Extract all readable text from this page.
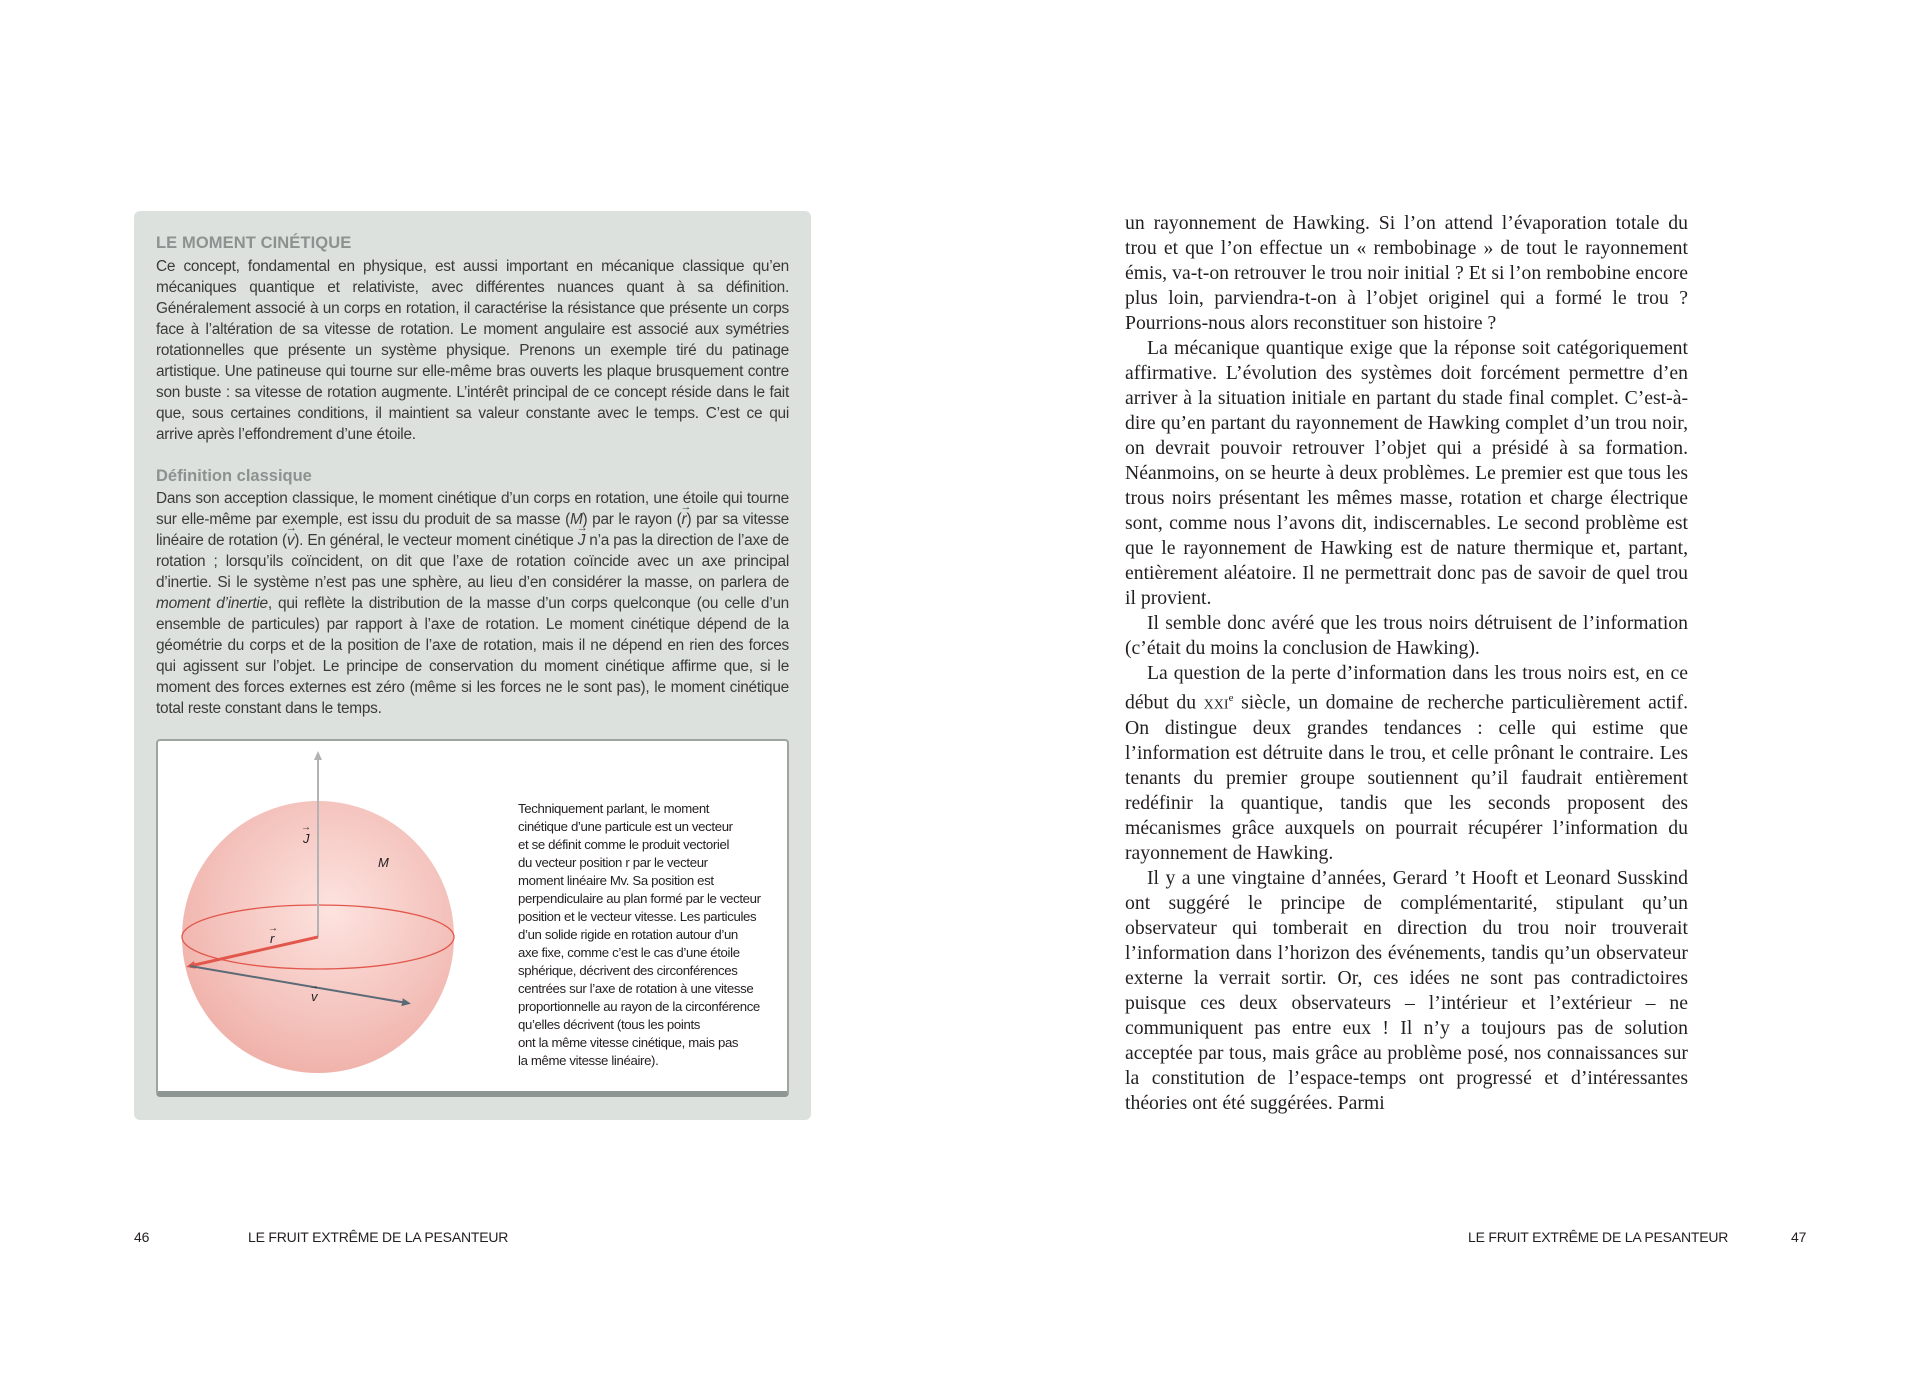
LE MOMENT CINÉTIQUE

Ce concept, fondamental en physique, est aussi important en mécanique classique qu’en mécaniques quantique et relativiste, avec différentes nuances quant à sa définition. Généralement associé à un corps en rotation, il caractérise la résistance que présente un corps face à l’altération de sa vitesse de rotation. Le moment angulaire est associé aux symétries rotationnelles que présente un système physique. Prenons un exemple tiré du patinage artistique. Une patineuse qui tourne sur elle-même bras ouverts les plaque brusquement contre son buste : sa vitesse de rotation augmente. L’intérêt principal de ce concept réside dans le fait que, sous certaines conditions, il maintient sa valeur constante avec le temps. C’est ce qui arrive après l’effondrement d’une étoile.

Définition classique

Dans son acception classique, le moment cinétique d’un corps en rotation, une étoile qui tourne sur elle-même par exemple, est issu du produit de sa masse (M) par le rayon (→ r) par sa vitesse linéaire de rotation (→ v). En général, le vecteur moment cinétique → J n’a pas la direction de l’axe de rotation ; lorsqu’ils coïncident, on dit que l’axe de rotation coïncide avec un axe principal d’inertie. Si le système n’est pas une sphère, au lieu d’en considérer la masse, on parlera de moment d’inertie, qui reflète la distribution de la masse d’un corps quelconque (ou celle d’un ensemble de particules) par rapport à l’axe de rotation. Le moment cinétique dépend de la géométrie du corps et de la position de l’axe de rotation, mais il ne dépend en rien des forces qui agissent sur l’objet. Le principe de conservation du moment cinétique affirme que, si le moment des forces externes est zéro (même si les forces ne le sont pas), le moment cinétique total reste constant dans le temps.

J
→
M
r
→
v
→

Techniquement parlant, le moment
cinétique d’une particule est un vecteur
et se définit comme le produit vectoriel
du vecteur position r par le vecteur
moment linéaire Mv. Sa position est
perpendiculaire au plan formé par le vecteur
position et le vecteur vitesse. Les particules
d’un solide rigide en rotation autour d’un
axe fixe, comme c’est le cas d’une étoile
sphérique, décrivent des circonférences
centrées sur l’axe de rotation à une vitesse
proportionnelle au rayon de la circonférence
qu’elles décrivent (tous les points
ont la même vitesse cinétique, mais pas
la même vitesse linéaire).

46	LE FRUIT EXTRÊME DE LA PESANTEUR

un rayonnement de Hawking. Si l’on attend l’évaporation totale du trou et que l’on effectue un « rembobinage » de tout le rayonnement émis, va-t-on retrouver le trou noir initial ? Et si l’on rembobine encore plus loin, parviendra-t-on à l’objet originel qui a formé le trou ? Pourrions-nous alors reconstituer son histoire ?

La mécanique quantique exige que la réponse soit catégoriquement affirmative. L’évolution des systèmes doit forcément permettre d’en arriver à la situation initiale en partant du stade final complet. C’est-à-dire qu’en partant du rayonnement de Hawking complet d’un trou noir, on devrait pouvoir retrouver l’objet qui a présidé à sa formation. Néanmoins, on se heurte à deux problèmes. Le premier est que tous les trous noirs présentant les mêmes masse, rotation et charge électrique sont, comme nous l’avons dit, indiscernables. Le second problème est que le rayonnement de Hawking est de nature thermique et, partant, entièrement aléatoire. Il ne permettrait donc pas de savoir de quel trou il provient.

Il semble donc avéré que les trous noirs détruisent de l’information (c’était du moins la conclusion de Hawking).

La question de la perte d’information dans les trous noirs est, en ce début du xxi$^e$ siècle, un domaine de recherche particulièrement actif. On distingue deux grandes tendances : celle qui estime que l’information est détruite dans le trou, et celle prônant le contraire. Les tenants du premier groupe soutiennent qu’il faudrait entièrement redéfinir la quantique, tandis que les seconds proposent des mécanismes grâce auxquels on pourrait récupérer l’information du rayonnement de Hawking.

Il y a une vingtaine d’années, Gerard ’t Hooft et Leonard Susskind ont suggéré le principe de complémentarité, stipulant qu’un observateur qui tomberait en direction du trou noir trouverait l’information dans l’horizon des événements, tandis qu’un observateur externe la verrait sortir. Or, ces idées ne sont pas contradictoires puisque ces deux observateurs – l’intérieur et l’extérieur – ne communiquent pas entre eux ! Il n’y a toujours pas de solution acceptée par tous, mais grâce au problème posé, nos connaissances sur la constitution de l’espace-temps ont progressé et d’intéressantes théories ont été suggérées. Parmi

LE FRUIT EXTRÊME DE LA PESANTEUR	47
